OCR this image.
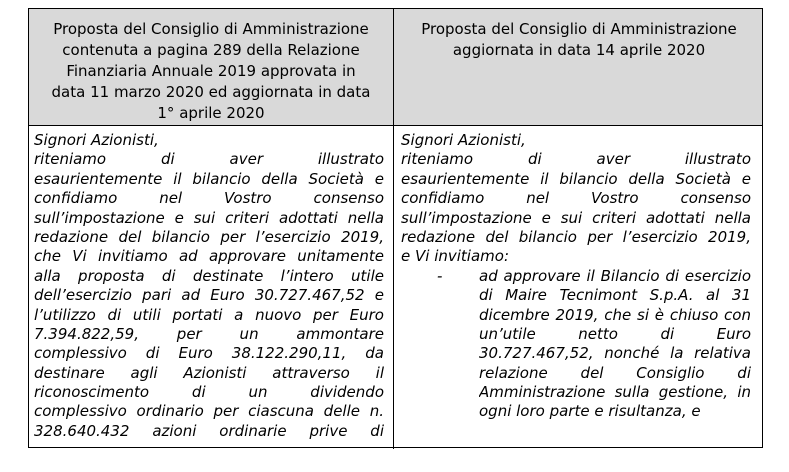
Proposta del Consiglio di Amministrazione
contenuta a pagina 289 della Relazione
Finanziaria Annuale 2019 approvata in
data 11 marzo 2020 ed aggiornata in data
1° aprile 2020
Proposta del Consiglio di Amministrazione
aggiornata in data 14 aprile 2020
Signori Azionisti,
riteniamo di aver illustrato
esaurientemente il bilancio della Società e
confidiamo nel Vostro consenso
sull’impostazione e sui criteri adottati nella
redazione del bilancio per l’esercizio 2019,
che Vi invitiamo ad approvare unitamente
alla proposta di destinate l’intero utile
dell’esercizio pari ad Euro 30.727.467,52 e
l’utilizzo di utili portati a nuovo per Euro
7.394.822,59, per un ammontare
complessivo di Euro 38.122.290,11, da
destinare agli Azionisti attraverso il
riconoscimento di un dividendo
complessivo ordinario per ciascuna delle n.
328.640.432 azioni ordinarie prive di
Signori Azionisti,
riteniamo di aver illustrato
esaurientemente il bilancio della Società e
confidiamo nel Vostro consenso
sull’impostazione e sui criteri adottati nella
redazione del bilancio per l’esercizio 2019,
e Vi invitiamo:
- ad approvare il Bilancio di esercizio
di Maire Tecnimont S.p.A. al 31
dicembre 2019, che si è chiuso con
un’utile netto di Euro
30.727.467,52, nonché la relativa
relazione del Consiglio di
Amministrazione sulla gestione, in
ogni loro parte e risultanza, e
